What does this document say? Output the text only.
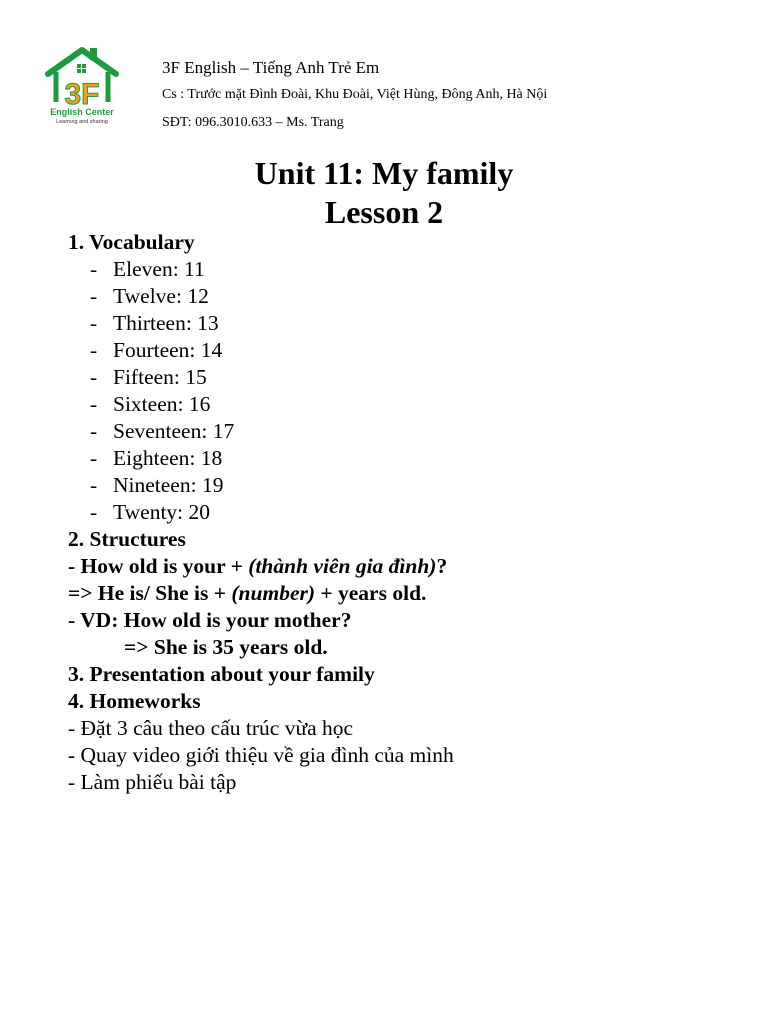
3F
English Center
Learning and sharing
3F English – Tiếng Anh Trẻ Em
Cs : Trước mặt Đình Đoài, Khu Đoài, Việt Hùng, Đông Anh, Hà Nội
SĐT: 096.3010.633 – Ms. Trang
Unit 11: My family
Lesson 2
1. Vocabulary
- Eleven: 11
- Twelve: 12
- Thirteen: 13
- Fourteen: 14
- Fifteen: 15
- Sixteen: 16
- Seventeen: 17
- Eighteen: 18
- Nineteen: 19
- Twenty: 20
2. Structures
- How old is your + (thành viên gia đình)?
=> He is/ She is + (number) + years old.
- VD: How old is your mother?
=> She is 35 years old.
3. Presentation about your family
4. Homeworks
- Đặt 3 câu theo cấu trúc vừa học
- Quay video giới thiệu về gia đình của mình
- Làm phiếu bài tập
